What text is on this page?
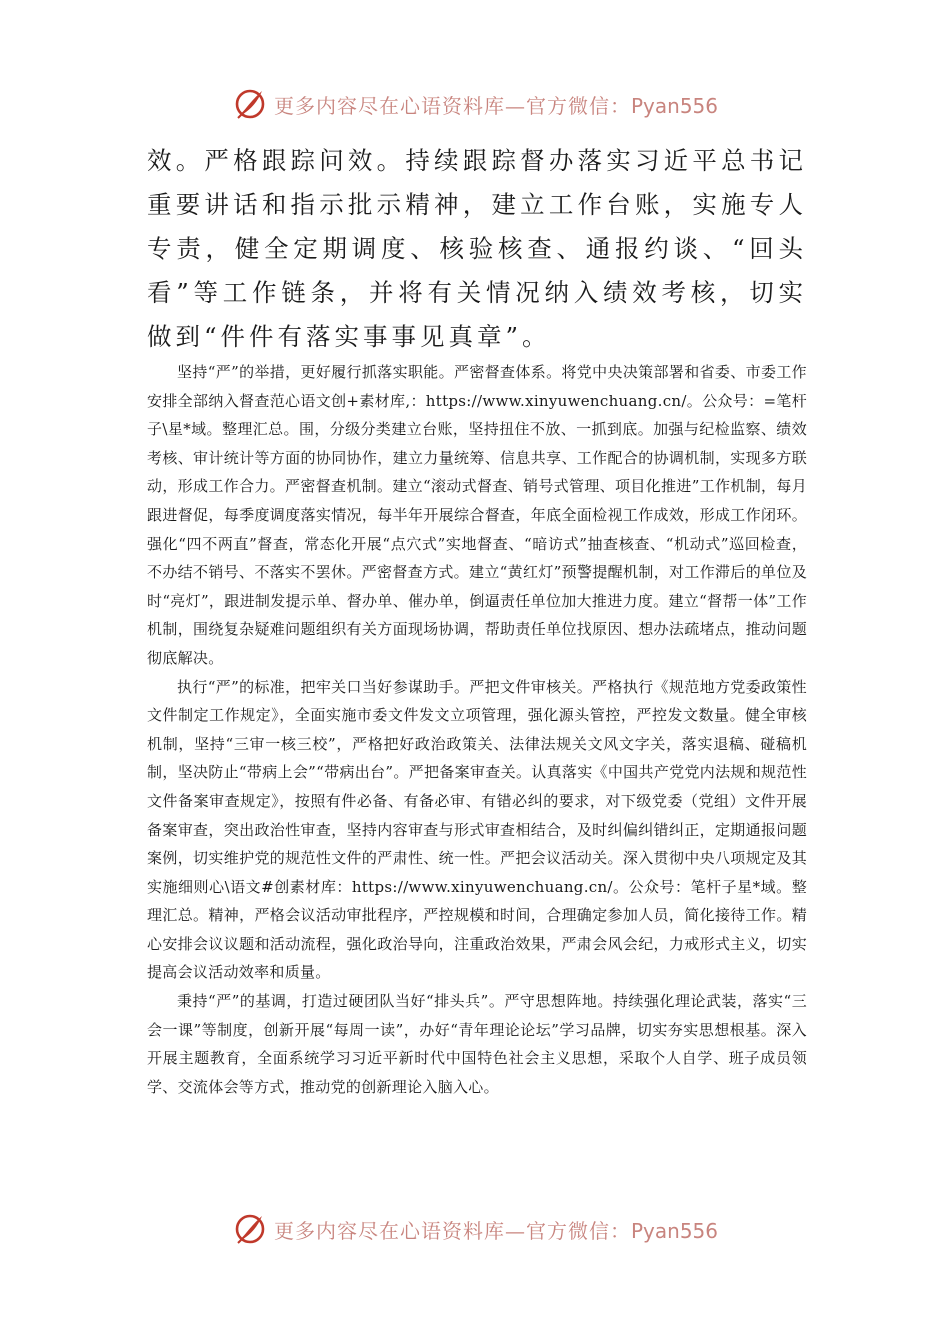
更多内容尽在心语资料库—官方微信：Pyan556
效。严格跟踪问效。持续跟踪督办落实习近平总书记重要讲话和指示批示精神，建立工作台账，实施专人专责，健全定期调度、核验核查、通报约谈、“回头看”等工作链条，并将有关情况纳入绩效考核，切实做到“件件有落实事事见真章”。

坚持“严”的举措，更好履行抓落实职能。严密督查体系。将党中央决策部署和省委、市委工作安排全部纳入督查范心语文创+素材库,：https://www.xinyuwenchuang.cn/。公众号：=笔杆子\星*域。整理汇总。围，分级分类建立台账，坚持扭住不放、一抓到底。加强与纪检监察、绩效考核、审计统计等方面的协同协作，建立力量统筹、信息共享、工作配合的协调机制，实现多方联动，形成工作合力。严密督查机制。建立“滚动式督查、销号式管理、项目化推进”工作机制，每月跟进督促，每季度调度落实情况，每半年开展综合督查，年底全面检视工作成效，形成工作闭环。强化“四不两直”督查，常态化开展“点穴式”实地督查、“暗访式”抽查核查、“机动式”巡回检查，不办结不销号、不落实不罢休。严密督查方式。建立“黄红灯”预警提醒机制，对工作滞后的单位及时“亮灯”，跟进制发提示单、督办单、催办单，倒逼责任单位加大推进力度。建立“督帮一体”工作机制，围绕复杂疑难问题组织有关方面现场协调，帮助责任单位找原因、想办法疏堵点，推动问题彻底解决。

执行“严”的标准，把牢关口当好参谋助手。严把文件审核关。严格执行《规范地方党委政策性文件制定工作规定》，全面实施市委文件发文立项管理，强化源头管控，严控发文数量。健全审核机制，坚持“三审一核三校”，严格把好政治政策关、法律法规关文风文字关，落实退稿、碰稿机制，坚决防止“带病上会”“带病出台”。严把备案审查关。认真落实《中国共产党党内法规和规范性文件备案审查规定》，按照有件必备、有备必审、有错必纠的要求，对下级党委（党组）文件开展备案审查，突出政治性审查，坚持内容审查与形式审查相结合，及时纠偏纠错纠正，定期通报问题案例，切实维护党的规范性文件的严肃性、统一性。严把会议活动关。深入贯彻中央八项规定及其实施细则心\语文#创素材库：https://www.xinyuwenchuang.cn/。公众号：笔杆子星*域。整理汇总。精神，严格会议活动审批程序，严控规模和时间，合理确定参加人员，简化接待工作。精心安排会议议题和活动流程，强化政治导向，注重政治效果，严肃会风会纪，力戒形式主义，切实提高会议活动效率和质量。

秉持“严”的基调，打造过硬团队当好“排头兵”。严守思想阵地。持续强化理论武装，落实“三会一课”等制度，创新开展“每周一读”，办好“青年理论论坛”学习品牌，切实夯实思想根基。深入开展主题教育，全面系统学习习近平新时代中国特色社会主义思想，采取个人自学、班子成员领学、交流体会等方式，推动党的创新理论入脑入心。

更多内容尽在心语资料库—官方微信：Pyan556
